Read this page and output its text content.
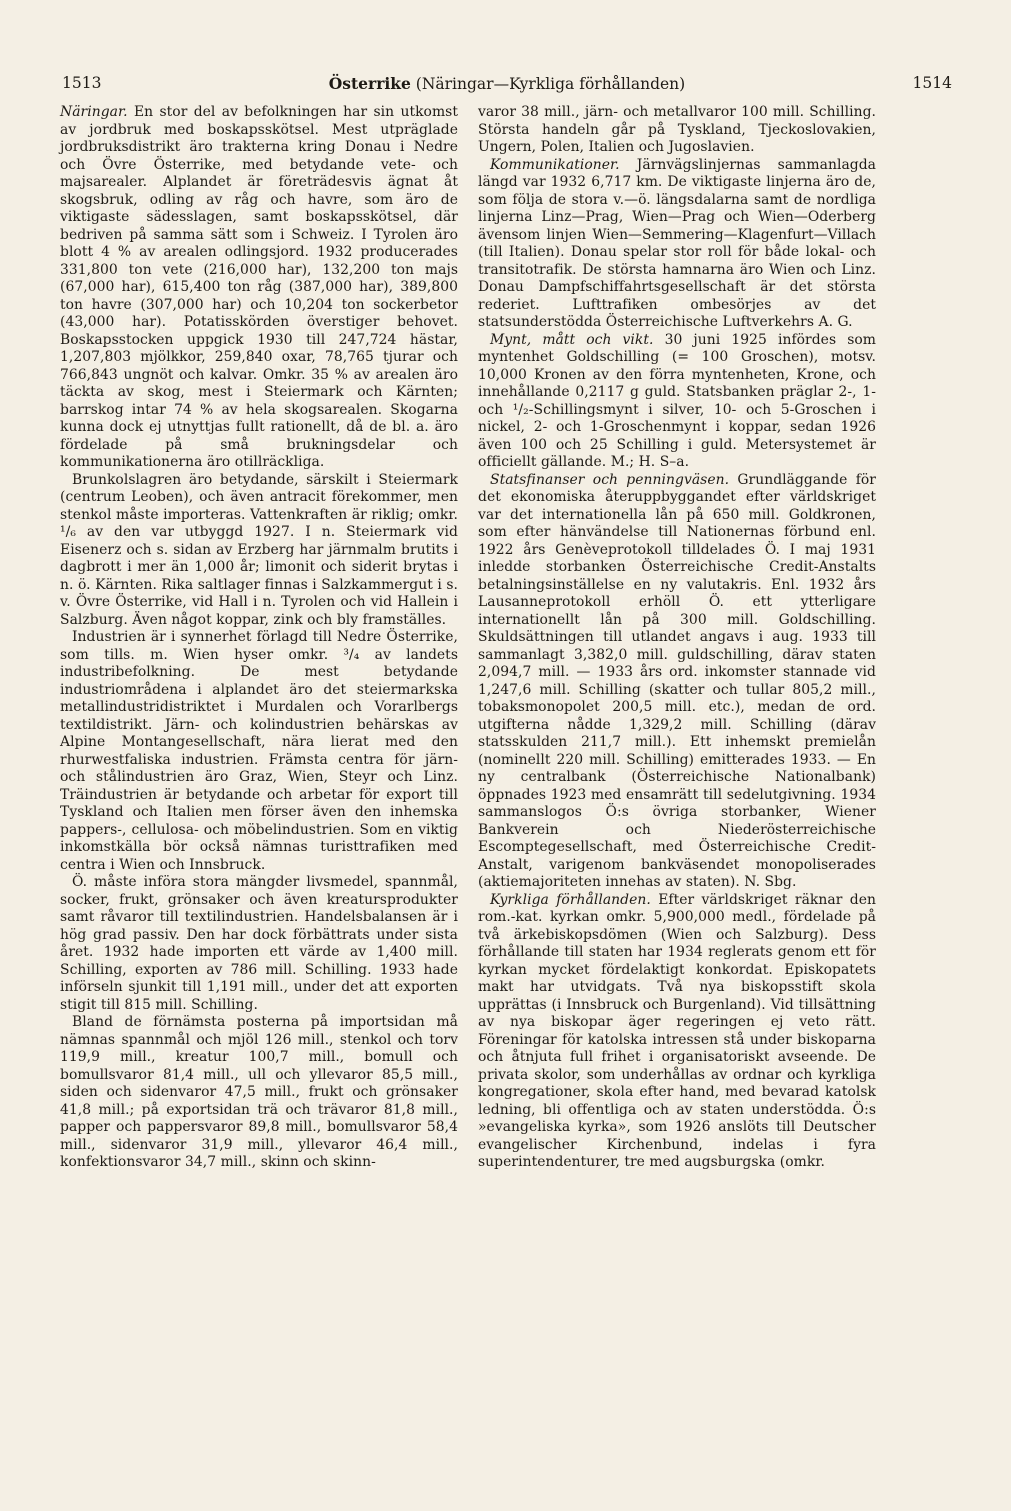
1513	Österrike (Näringar—Kyrkliga förhållanden)	1514

Näringar. En stor del av befolkningen har sin utkomst av jordbruk med boskapsskötsel. Mest utpräglade jordbruksdistrikt äro trakterna kring Donau i Nedre och Övre Österrike, med betydande vete- och majsarealer. Alplandet är företrädesvis ägnat åt skogsbruk, odling av råg och havre, som äro de viktigaste sädesslagen, samt boskapsskötsel, där bedriven på samma sätt som i Schweiz. I Tyrolen äro blott 4 % av arealen odlingsjord. 1932 producerades 331,800 ton vete (216,000 har), 132,200 ton majs (67,000 har), 615,400 ton råg (387,000 har), 389,800 ton havre (307,000 har) och 10,204 ton sockerbetor (43,000 har). Potatisskörden överstiger behovet. Boskapsstocken uppgick 1930 till 247,724 hästar, 1,207,803 mjölkkor, 259,840 oxar, 78,765 tjurar och 766,843 ungnöt och kalvar. Omkr. 35 % av arealen äro täckta av skog, mest i Steiermark och Kärnten; barrskog intar 74 % av hela skogsarealen. Skogarna kunna dock ej utnyttjas fullt rationellt, då de bl. a. äro fördelade på små brukningsdelar och kommunikationerna äro otillräckliga.

Brunkolslagren äro betydande, särskilt i Steiermark (centrum Leoben), och även antracit förekommer, men stenkol måste importeras. Vattenkraften är riklig; omkr. ¹/₆ av den var utbyggd 1927. I n. Steiermark vid Eisenerz och s. sidan av Erzberg har järnmalm brutits i dagbrott i mer än 1,000 år; limonit och siderit brytas i n. ö. Kärnten. Rika saltlager finnas i Salzkammergut i s. v. Övre Österrike, vid Hall i n. Tyrolen och vid Hallein i Salzburg. Även något koppar, zink och bly framställes.

Industrien är i synnerhet förlagd till Nedre Österrike, som tills. m. Wien hyser omkr. ³/₄ av landets industribefolkning. De mest betydande industriområdena i alplandet äro det steiermarkska metallindustridistriktet i Murdalen och Vorarlbergs textildistrikt. Järn- och kolindustrien behärskas av Alpine Montangesellschaft, nära lierat med den rhurwestfaliska industrien. Främsta centra för järn- och stålindustrien äro Graz, Wien, Steyr och Linz. Träindustrien är betydande och arbetar för export till Tyskland och Italien men förser även den inhemska pappers-, cellulosa- och möbelindustrien. Som en viktig inkomstkälla bör också nämnas turisttrafiken med centra i Wien och Innsbruck.

Ö. måste införa stora mängder livsmedel, spannmål, socker, frukt, grönsaker och även kreatursprodukter samt råvaror till textilindustrien. Handelsbalansen är i hög grad passiv. Den har dock förbättrats under sista året. 1932 hade importen ett värde av 1,400 mill. Schilling, exporten av 786 mill. Schilling. 1933 hade införseln sjunkit till 1,191 mill., under det att exporten stigit till 815 mill. Schilling.

Bland de förnämsta posterna på importsidan må nämnas spannmål och mjöl 126 mill., stenkol och torv 119,9 mill., kreatur 100,7 mill., bomull och bomullsvaror 81,4 mill., ull och yllevaror 85,5 mill., siden och sidenvaror 47,5 mill., frukt och grönsaker 41,8 mill.; på exportsidan trä och trävaror 81,8 mill., papper och pappersvaror 89,8 mill., bomullsvaror 58,4 mill., sidenvaror 31,9 mill., yllevaror 46,4 mill., konfektionsvaror 34,7 mill., skinn och skinn-

varor 38 mill., järn- och metallvaror 100 mill. Schilling. Största handeln går på Tyskland, Tjeckoslovakien, Ungern, Polen, Italien och Jugoslavien.

Kommunikationer. Järnvägslinjernas sammanlagda längd var 1932 6,717 km. De viktigaste linjerna äro de, som följa de stora v.—ö. längsdalarna samt de nordliga linjerna Linz—Prag, Wien—Prag och Wien—Oderberg ävensom linjen Wien—Semmering—Klagenfurt—Villach (till Italien). Donau spelar stor roll för både lokal- och transitotrafik. De största hamnarna äro Wien och Linz. Donau Dampfschiffahrtsgesellschaft är det största rederiet. Lufttrafiken ombesörjes av det statsunderstödda Österreichische Luftverkehrs A. G.

Mynt, mått och vikt. 30 juni 1925 infördes som myntenhet Goldschilling (= 100 Groschen), motsv. 10,000 Kronen av den förra myntenheten, Krone, och innehållande 0,2117 g guld. Statsbanken präglar 2-, 1- och ¹/₂-Schillingsmynt i silver, 10- och 5-Groschen i nickel, 2- och 1-Groschenmynt i koppar, sedan 1926 även 100 och 25 Schilling i guld. Metersystemet är officiellt gällande. M.; H. S–a.

Statsfinanser och penningväsen. Grundläggande för det ekonomiska återuppbyggandet efter världskriget var det internationella lån på 650 mill. Goldkronen, som efter hänvändelse till Nationernas förbund enl. 1922 års Genèveprotokoll tilldelades Ö. I maj 1931 inledde storbanken Österreichische Credit-Anstalts betalningsinställelse en ny valutakris. Enl. 1932 års Lausanneprotokoll erhöll Ö. ett ytterligare internationellt lån på 300 mill. Goldschilling. Skuldsättningen till utlandet angavs i aug. 1933 till sammanlagt 3,382,0 mill. guldschilling, därav staten 2,094,7 mill. — 1933 års ord. inkomster stannade vid 1,247,6 mill. Schilling (skatter och tullar 805,2 mill., tobaksmonopolet 200,5 mill. etc.), medan de ord. utgifterna nådde 1,329,2 mill. Schilling (därav statsskulden 211,7 mill.). Ett inhemskt premielån (nominellt 220 mill. Schilling) emitterades 1933. — En ny centralbank (Österreichische Nationalbank) öppnades 1923 med ensamrätt till sedelutgivning. 1934 sammanslogos Ö:s övriga storbanker, Wiener Bankverein och Niederösterreichische Escomptegesellschaft, med Österreichische Credit-Anstalt, varigenom bankväsendet monopoliserades (aktiemajoriteten innehas av staten). N. Sbg.

Kyrkliga förhållanden. Efter världskriget räknar den rom.-kat. kyrkan omkr. 5,900,000 medl., fördelade på två ärkebiskopsdömen (Wien och Salzburg). Dess förhållande till staten har 1934 reglerats genom ett för kyrkan mycket fördelaktigt konkordat. Episkopatets makt har utvidgats. Två nya biskopsstift skola upprättas (i Innsbruck och Burgenland). Vid tillsättning av nya biskopar äger regeringen ej veto rätt. Föreningar för katolska intressen stå under biskoparna och åtnjuta full frihet i organisatoriskt avseende. De privata skolor, som underhållas av ordnar och kyrkliga kongregationer, skola efter hand, med bevarad katolsk ledning, bli offentliga och av staten understödda. Ö:s »evangeliska kyrka», som 1926 anslöts till Deutscher evangelischer Kirchenbund, indelas i fyra superintendenturer, tre med augsburgska (omkr.
